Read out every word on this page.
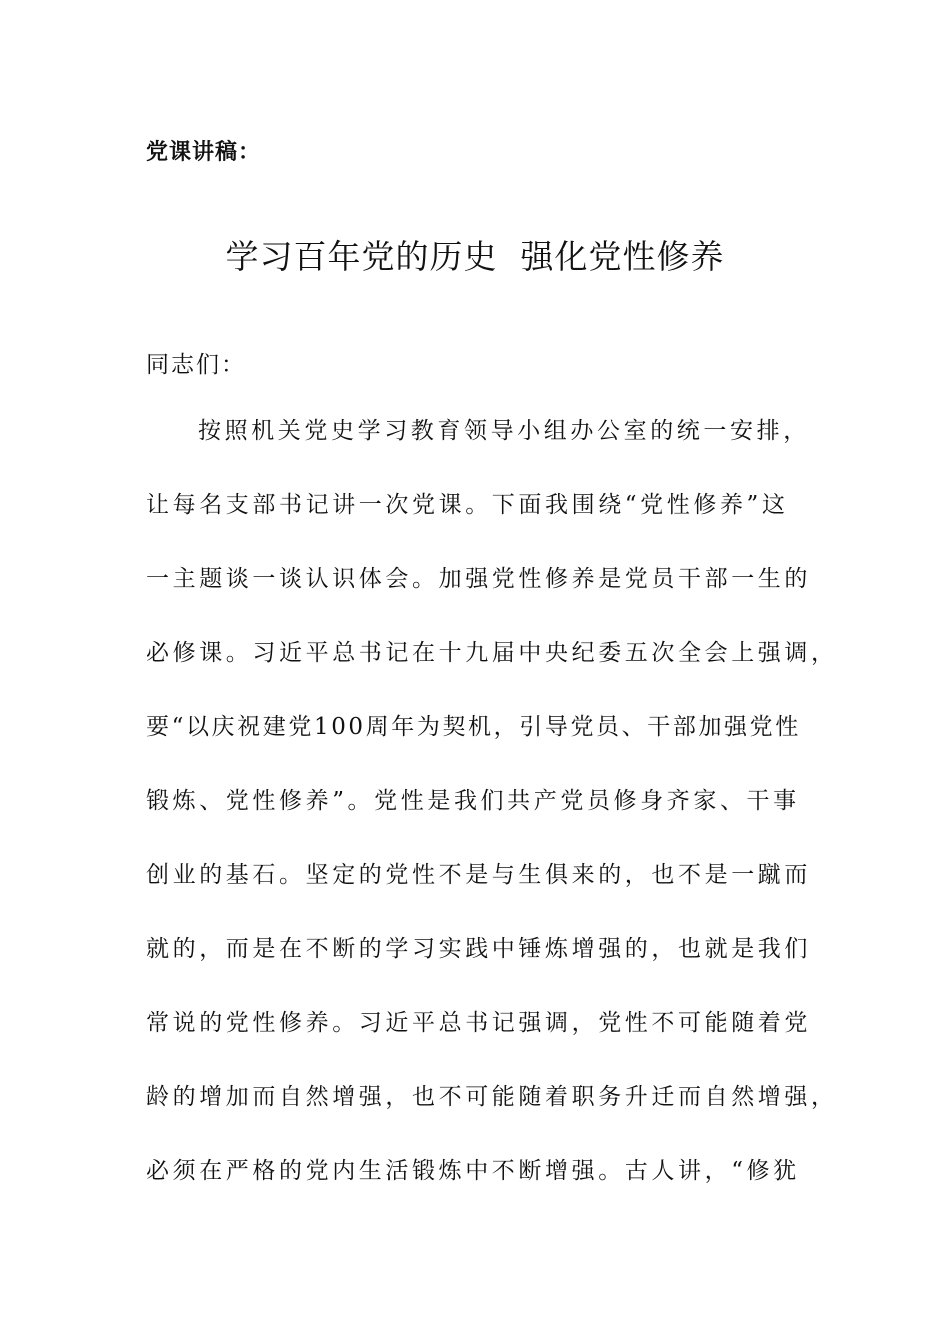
党课讲稿：
学习百年党的历史  强化党性修养
同志们：
按照机关党史学习教育领导小组办公室的统一安排，
让每名支部书记讲一次党课。下面我围绕“党性修养”这
一主题谈一谈认识体会。加强党性修养是党员干部一生的
必修课。习近平总书记在十九届中央纪委五次全会上强调，
要“以庆祝建党100周年为契机，引导党员、干部加强党性
锻炼、党性修养”。党性是我们共产党员修身齐家、干事
创业的基石。坚定的党性不是与生俱来的，也不是一蹴而
就的，而是在不断的学习实践中锤炼增强的，也就是我们
常说的党性修养。习近平总书记强调，党性不可能随着党
龄的增加而自然增强，也不可能随着职务升迁而自然增强，
必须在严格的党内生活锻炼中不断增强。古人讲，“修犹
